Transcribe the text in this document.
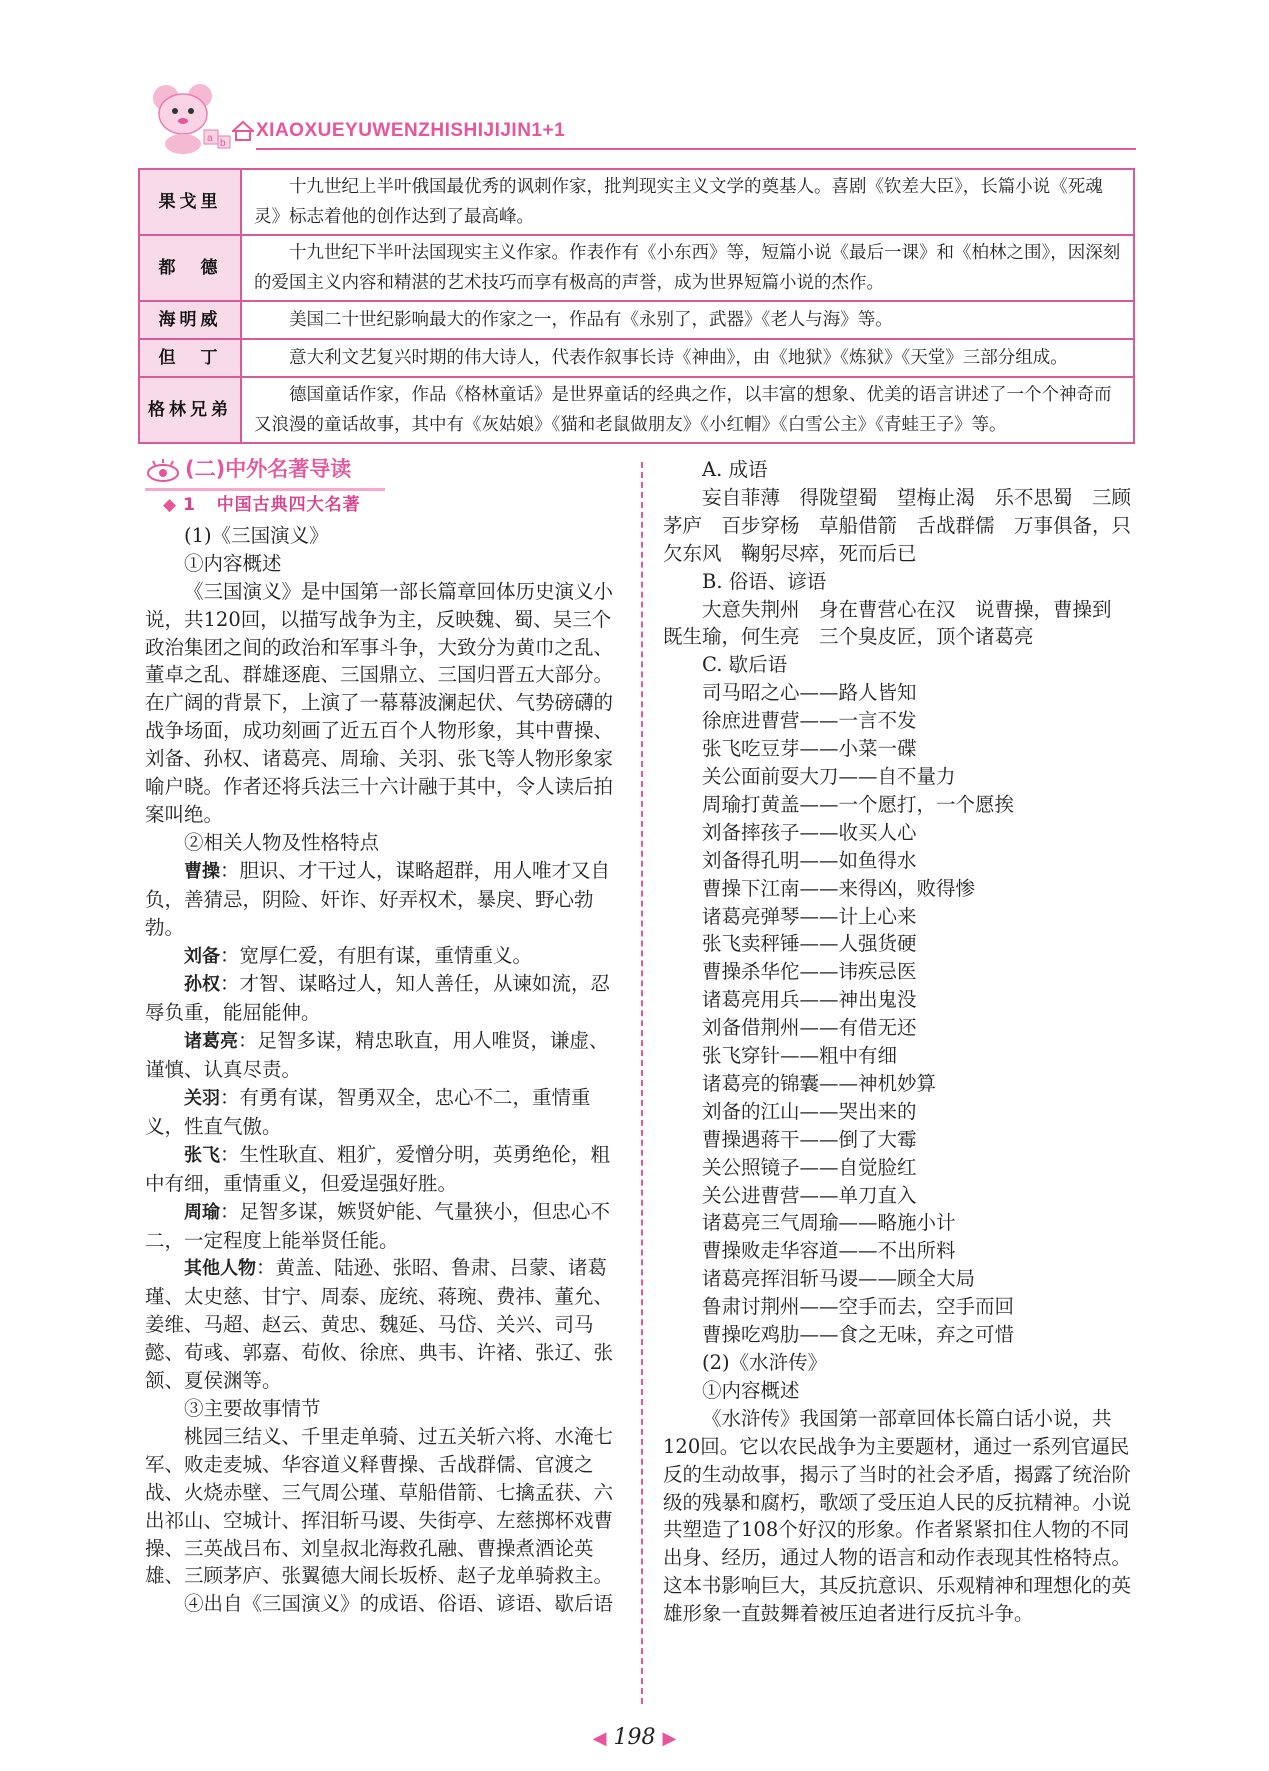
a b
XIAOXUEYUWENZHISHIJIJIN1+1
果戈里	十九世纪上半叶俄国最优秀的讽刺作家，批判现实主义文学的奠基人。喜剧《钦差大臣》，长篇小说《死魂灵》标志着他的创作达到了最高峰。
都　德	十九世纪下半叶法国现实主义作家。作表作有《小东西》等，短篇小说《最后一课》和《柏林之围》，因深刻的爱国主义内容和精湛的艺术技巧而享有极高的声誉，成为世界短篇小说的杰作。
海明威	美国二十世纪影响最大的作家之一，作品有《永别了，武器》《老人与海》等。
但　丁	意大利文艺复兴时期的伟大诗人，代表作叙事长诗《神曲》，由《地狱》《炼狱》《天堂》三部分组成。
格林兄弟	德国童话作家，作品《格林童话》是世界童话的经典之作，以丰富的想象、优美的语言讲述了一个个神奇而又浪漫的童话故事，其中有《灰姑娘》《猫和老鼠做朋友》《小红帽》《白雪公主》《青蛙王子》等。
(二)中外名著导读
◆ 1 中国古典四大名著

(1)《三国演义》

①内容概述

《三国演义》是中国第一部长篇章回体历史演义小说，共120回，以描写战争为主，反映魏、蜀、吴三个政治集团之间的政治和军事斗争，大致分为黄巾之乱、董卓之乱、群雄逐鹿、三国鼎立、三国归晋五大部分。在广阔的背景下，上演了一幕幕波澜起伏、气势磅礴的战争场面，成功刻画了近五百个人物形象，其中曹操、刘备、孙权、诸葛亮、周瑜、关羽、张飞等人物形象家喻户晓。作者还将兵法三十六计融于其中，令人读后拍案叫绝。

②相关人物及性格特点

曹操：胆识、才干过人，谋略超群，用人唯才又自负，善猜忌，阴险、奸诈、好弄权术，暴戾、野心勃勃。

刘备：宽厚仁爱，有胆有谋，重情重义。

孙权：才智、谋略过人，知人善任，从谏如流，忍辱负重，能屈能伸。

诸葛亮：足智多谋，精忠耿直，用人唯贤，谦虚、谨慎、认真尽责。

关羽：有勇有谋，智勇双全，忠心不二，重情重义，性直气傲。

张飞：生性耿直、粗犷，爱憎分明，英勇绝伦，粗中有细，重情重义，但爱逞强好胜。

周瑜：足智多谋，嫉贤妒能、气量狭小，但忠心不二，一定程度上能举贤任能。

其他人物：黄盖、陆逊、张昭、鲁肃、吕蒙、诸葛瑾、太史慈、甘宁、周泰、庞统、蒋琬、费祎、董允、姜维、马超、赵云、黄忠、魏延、马岱、关兴、司马懿、荀彧、郭嘉、荀攸、徐庶、典韦、许褚、张辽、张颔、夏侯渊等。

③主要故事情节

桃园三结义、千里走单骑、过五关斩六将、水淹七军、败走麦城、华容道义释曹操、舌战群儒、官渡之战、火烧赤壁、三气周公瑾、草船借箭、七擒孟获、六出祁山、空城计、挥泪斩马谡、失街亭、左慈掷杯戏曹操、三英战吕布、刘皇叔北海救孔融、曹操煮酒论英雄、三顾茅庐、张翼德大闹长坂桥、赵子龙单骑救主。

④出自《三国演义》的成语、俗语、谚语、歇后语

A. 成语

妄自菲薄　得陇望蜀　望梅止渴　乐不思蜀　三顾茅庐　百步穿杨　草船借箭　舌战群儒　万事俱备，只欠东风　鞠躬尽瘁，死而后已

B. 俗语、谚语

大意失荆州　身在曹营心在汉　说曹操，曹操到　既生瑜，何生亮　三个臭皮匠，顶个诸葛亮

C. 歇后语

司马昭之心——路人皆知

徐庶进曹营——一言不发

张飞吃豆芽——小菜一碟

关公面前耍大刀——自不量力

周瑜打黄盖——一个愿打，一个愿挨

刘备摔孩子——收买人心

刘备得孔明——如鱼得水

曹操下江南——来得凶，败得惨

诸葛亮弹琴——计上心来

张飞卖秤锤——人强货硬

曹操杀华佗——讳疾忌医

诸葛亮用兵——神出鬼没

刘备借荆州——有借无还

张飞穿针——粗中有细

诸葛亮的锦囊——神机妙算

刘备的江山——哭出来的

曹操遇蒋干——倒了大霉

关公照镜子——自觉脸红

关公进曹营——单刀直入

诸葛亮三气周瑜——略施小计

曹操败走华容道——不出所料

诸葛亮挥泪斩马谡——顾全大局

鲁肃讨荆州——空手而去，空手而回

曹操吃鸡肋——食之无味，弃之可惜

(2)《水浒传》

①内容概述

《水浒传》我国第一部章回体长篇白话小说，共120回。它以农民战争为主要题材，通过一系列官逼民反的生动故事，揭示了当时的社会矛盾，揭露了统治阶级的残暴和腐朽，歌颂了受压迫人民的反抗精神。小说共塑造了108个好汉的形象。作者紧紧扣住人物的不同出身、经历，通过人物的语言和动作表现其性格特点。这本书影响巨大，其反抗意识、乐观精神和理想化的英雄形象一直鼓舞着被压迫者进行反抗斗争。

◀ 198 ▶
